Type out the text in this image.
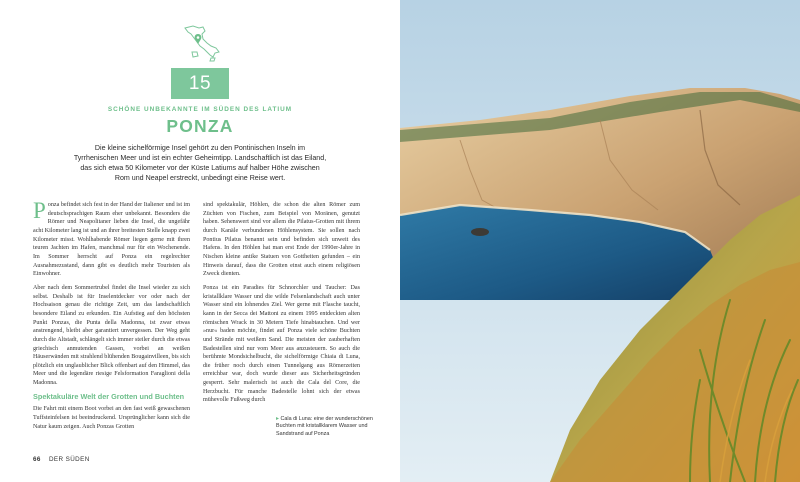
15
SCHÖNE UNBEKANNTE IM SÜDEN DES LATIUM
PONZA
Die kleine sichelförmige Insel gehört zu den Pontinischen Inseln im Tyrrhenischen Meer und ist ein echter Geheimtipp. Landschaftlich ist das Eiland, das sich etwa 50 Kilometer vor der Küste Latiums auf halber Höhe zwischen Rom und Neapel erstreckt, unbedingt eine Reise wert.

Ponza befindet sich fest in der Hand der Italiener und ist im deutschsprachigen Raum eher unbekannt. Besonders die Römer und Neapolitaner lieben die Insel, die ungefähr acht Kilometer lang ist und an ihrer breitesten Stelle knapp zwei Kilometer misst. Wohlhabende Römer liegen gerne mit ihren teuren Jachten im Hafen, manchmal nur für ein Wochenende. Im Sommer herrscht auf Ponza ein regelrechter Ausnahmezustand, dann gibt es deutlich mehr Touristen als Einwohner.

Aber nach dem Sommertrubel findet die Insel wieder zu sich selbst. Deshalb ist für Inselentdecker vor oder nach der Hochsaison genau die richtige Zeit, um das landschaftlich besondere Eiland zu erkunden. Ein Aufstieg auf den höchsten Punkt Ponzas, die Punta della Madonna, ist zwar etwas anstrengend, bleibt aber garantiert unvergessen. Der Weg geht durch die Altstadt, schlängelt sich immer steiler durch die etwas griechisch anmutenden Gassen, vorbei an weißen Häuserwänden mit strahlend blühenden Bougainvilleen, bis sich plötzlich ein unglaublicher Blick offenbart auf den Himmel, das Meer und die legendäre riesige Felsformation Faraglioni della Madonna.

Spektakuläre Welt der Grotten und Buchten

Die Fahrt mit einem Boot vorbei an den fast weiß gewaschenen Tuffsteinfelsen ist beeindruckend. Ursprünglicher kann sich die Natur kaum zeigen. Auch Ponzas Grotten

sind spektakulär, Höhlen, die schon die alten Römer zum Züchten von Fischen, zum Beispiel von Moränen, genutzt haben. Sehenswert sind vor allem die Pilatus-Grotten mit ihrem durch Kanäle verbundenen Höhlensystem. Sie sollen nach Pontius Pilatus benannt sein und befinden sich unweit des Hafens. In den Höhlen hat man erst Ende der 1990er-Jahre in Nischen kleine antike Statuen von Gottheiten gefunden – ein Hinweis darauf, dass die Grotten einst auch einem religiösen Zweck dienten.

Ponza ist ein Paradies für Schnorchler und Taucher: Das kristallklare Wasser und die wilde Felsenlandschaft auch unter Wasser sind ein lohnendes Ziel. Wer gerne mit Flasche taucht, kann in der Secca dei Mattoni zu einem 1995 entdeckten alten römischen Wrack in 30 Metern Tiefe hinabtauchen. Und wer »nur« baden möchte, findet auf Ponza viele schöne Buchten und Strände mit weißem Sand. Die meisten der zauberhaften Badestellen sind nur vom Meer aus anzusteuern. So auch die berühmte Mondsichelbucht, die sichelförmige Chiaia di Luna, die früher noch durch einen Tunnelgang aus Römerzeiten erreichbar war, doch wurde dieser aus Sicherheitsgründen gesperrt. Sehr malerisch ist auch die Cala del Core, die Herzbucht. Für manche Badestelle lohnt sich der etwas mühevolle Fußweg durch

▸ Cala di Luna: eine der wunderschönen Buchten mit kristallklarem Wasser und Sandstrand auf Ponza
66 DER SÜDEN
